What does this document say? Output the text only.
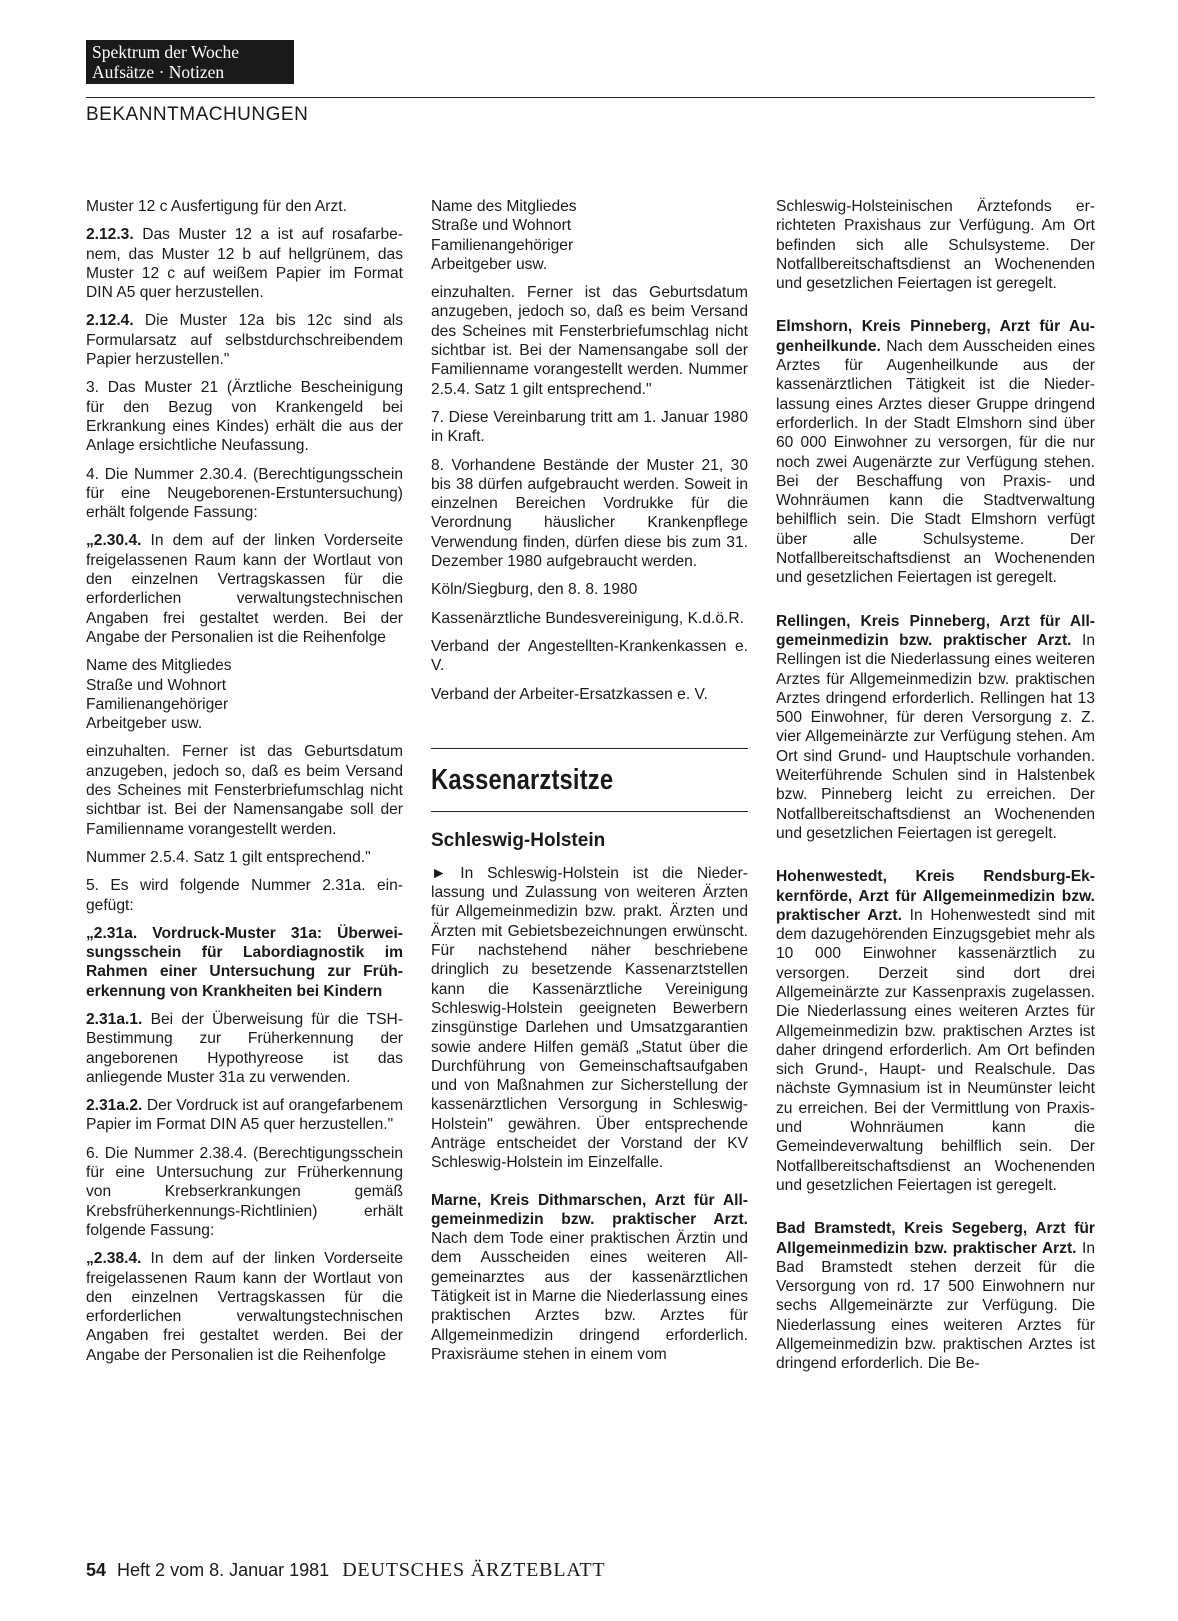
Spektrum der Woche
Aufsätze · Notizen
BEKANNTMACHUNGEN

Muster 12 c Ausfertigung für den Arzt.

2.12.3. Das Muster 12 a ist auf rosafarbenem, das Muster 12 b auf hellgrünem, das Muster 12 c auf weißem Papier im Format DIN A5 quer herzustellen.

2.12.4. Die Muster 12a bis 12c sind als Formularsatz auf selbstdurchschreibendem Papier herzustellen."

3. Das Muster 21 (Ärztliche Bescheinigung für den Bezug von Krankengeld bei Erkrankung eines Kindes) erhält die aus der Anlage ersichtliche Neufassung.

4. Die Nummer 2.30.4. (Berechtigungsschein für eine Neugeborenen-Erstuntersuchung) erhält folgende Fassung:

„2.30.4. In dem auf der linken Vorderseite freigelassenen Raum kann der Wortlaut von den einzelnen Vertragskassen für die erforderlichen verwaltungstechnischen Angaben frei gestaltet werden. Bei der Angabe der Personalien ist die Reihenfolge

Name des Mitgliedes
Straße und Wohnort
Familienangehöriger
Arbeitgeber usw.

einzuhalten. Ferner ist das Geburtsdatum anzugeben, jedoch so, daß es beim Versand des Scheines mit Fensterbriefumschlag nicht sichtbar ist. Bei der Namensangabe soll der Familienname vorangestellt werden.

Nummer 2.5.4. Satz 1 gilt entsprechend."

5. Es wird folgende Nummer 2.31a. eingefügt:

„2.31a. Vordruck-Muster 31a: Überweisungsschein für Labordiagnostik im Rahmen einer Untersuchung zur Früherkennung von Krankheiten bei Kindern

2.31a.1. Bei der Überweisung für die TSH-Bestimmung zur Früherkennung der angeborenen Hypothyreose ist das anliegende Muster 31a zu verwenden.

2.31a.2. Der Vordruck ist auf orangefarbenem Papier im Format DIN A5 quer herzustellen."

6. Die Nummer 2.38.4. (Berechtigungsschein für eine Untersuchung zur Früherkennung von Krebserkrankungen gemäß Krebsfrüherkennungs-Richtlinien) erhält folgende Fassung:

„2.38.4. In dem auf der linken Vorderseite freigelassenen Raum kann der Wortlaut von den einzelnen Vertragskassen für die erforderlichen verwaltungstechnischen Angaben frei gestaltet werden. Bei der Angabe der Personalien ist die Reihenfolge

Name des Mitgliedes
Straße und Wohnort
Familienangehöriger
Arbeitgeber usw.

einzuhalten. Ferner ist das Geburtsdatum anzugeben, jedoch so, daß es beim Versand des Scheines mit Fensterbriefumschlag nicht sichtbar ist. Bei der Namensangabe soll der Familienname vorangestellt werden. Nummer 2.5.4. Satz 1 gilt entsprechend."

7. Diese Vereinbarung tritt am 1. Januar 1980 in Kraft.

8. Vorhandene Bestände der Muster 21, 30 bis 38 dürfen aufgebraucht werden. Soweit in einzelnen Bereichen Vordrukke für die Verordnung häuslicher Krankenpflege Verwendung finden, dürfen diese bis zum 31. Dezember 1980 aufgebraucht werden.

Köln/Siegburg, den 8. 8. 1980

Kassenärztliche Bundesvereinigung, K.d.ö.R.

Verband der Angestellten-Krankenkassen e. V.

Verband der Arbeiter-Ersatzkassen e. V.

Kassenarztsitze
Schleswig-Holstein

► In Schleswig-Holstein ist die Niederlassung und Zulassung von weiteren Ärzten für Allgemeinmedizin bzw. prakt. Ärzten und Ärzten mit Gebietsbezeichnungen erwünscht. Für nachstehend näher beschriebene dringlich zu besetzende Kassenarztstellen kann die Kassenärztliche Vereinigung Schleswig-Holstein geeigneten Bewerbern zinsgünstige Darlehen und Umsatzgarantien sowie andere Hilfen gemäß „Statut über die Durchführung von Gemeinschaftsaufgaben und von Maßnahmen zur Sicherstellung der kassenärztlichen Versorgung in Schleswig-Holstein" gewähren. Über entsprechende Anträge entscheidet der Vorstand der KV Schleswig-Holstein im Einzelfalle.

Marne, Kreis Dithmarschen, Arzt für Allgemeinmedizin bzw. praktischer Arzt. Nach dem Tode einer praktischen Ärztin und dem Ausscheiden eines weiteren Allgemeinarztes aus der kassenärztlichen Tätigkeit ist in Marne die Niederlassung eines praktischen Arztes bzw. Arztes für Allgemeinmedizin dringend erforderlich. Praxisräume stehen in einem vom

Schleswig-Holsteinischen Ärztefonds errichteten Praxishaus zur Verfügung. Am Ort befinden sich alle Schulsysteme. Der Notfallbereitschaftsdienst an Wochenenden und gesetzlichen Feiertagen ist geregelt.

Elmshorn, Kreis Pinneberg, Arzt für Augenheilkunde. Nach dem Ausscheiden eines Arztes für Augenheilkunde aus der kassenärztlichen Tätigkeit ist die Niederlassung eines Arztes dieser Gruppe dringend erforderlich. In der Stadt Elmshorn sind über 60 000 Einwohner zu versorgen, für die nur noch zwei Augenärzte zur Verfügung stehen. Bei der Beschaffung von Praxis- und Wohnräumen kann die Stadtverwaltung behilflich sein. Die Stadt Elmshorn verfügt über alle Schulsysteme. Der Notfallbereitschaftsdienst an Wochenenden und gesetzlichen Feiertagen ist geregelt.

Rellingen, Kreis Pinneberg, Arzt für Allgemeinmedizin bzw. praktischer Arzt. In Rellingen ist die Niederlassung eines weiteren Arztes für Allgemeinmedizin bzw. praktischen Arztes dringend erforderlich. Rellingen hat 13 500 Einwohner, für deren Versorgung z. Z. vier Allgemeinärzte zur Verfügung stehen. Am Ort sind Grund- und Hauptschule vorhanden. Weiterführende Schulen sind in Halstenbek bzw. Pinneberg leicht zu erreichen. Der Notfallbereitschaftsdienst an Wochenenden und gesetzlichen Feiertagen ist geregelt.

Hohenwestedt, Kreis Rendsburg-Ekkernförde, Arzt für Allgemeinmedizin bzw. praktischer Arzt. In Hohenwestedt sind mit dem dazugehörenden Einzugsgebiet mehr als 10 000 Einwohner kassenärztlich zu versorgen. Derzeit sind dort drei Allgemeinärzte zur Kassenpraxis zugelassen. Die Niederlassung eines weiteren Arztes für Allgemeinmedizin bzw. praktischen Arztes ist daher dringend erforderlich. Am Ort befinden sich Grund-, Haupt- und Realschule. Das nächste Gymnasium ist in Neumünster leicht zu erreichen. Bei der Vermittlung von Praxis- und Wohnräumen kann die Gemeindeverwaltung behilflich sein. Der Notfallbereitschaftsdienst an Wochenenden und gesetzlichen Feiertagen ist geregelt.

Bad Bramstedt, Kreis Segeberg, Arzt für Allgemeinmedizin bzw. praktischer Arzt. In Bad Bramstedt stehen derzeit für die Versorgung von rd. 17 500 Einwohnern nur sechs Allgemeinärzte zur Verfügung. Die Niederlassung eines weiteren Arztes für Allgemeinmedizin bzw. praktischen Arztes ist dringend erforderlich. Die Be-

54 Heft 2 vom 8. Januar 1981 DEUTSCHES ÄRZTEBLATT
